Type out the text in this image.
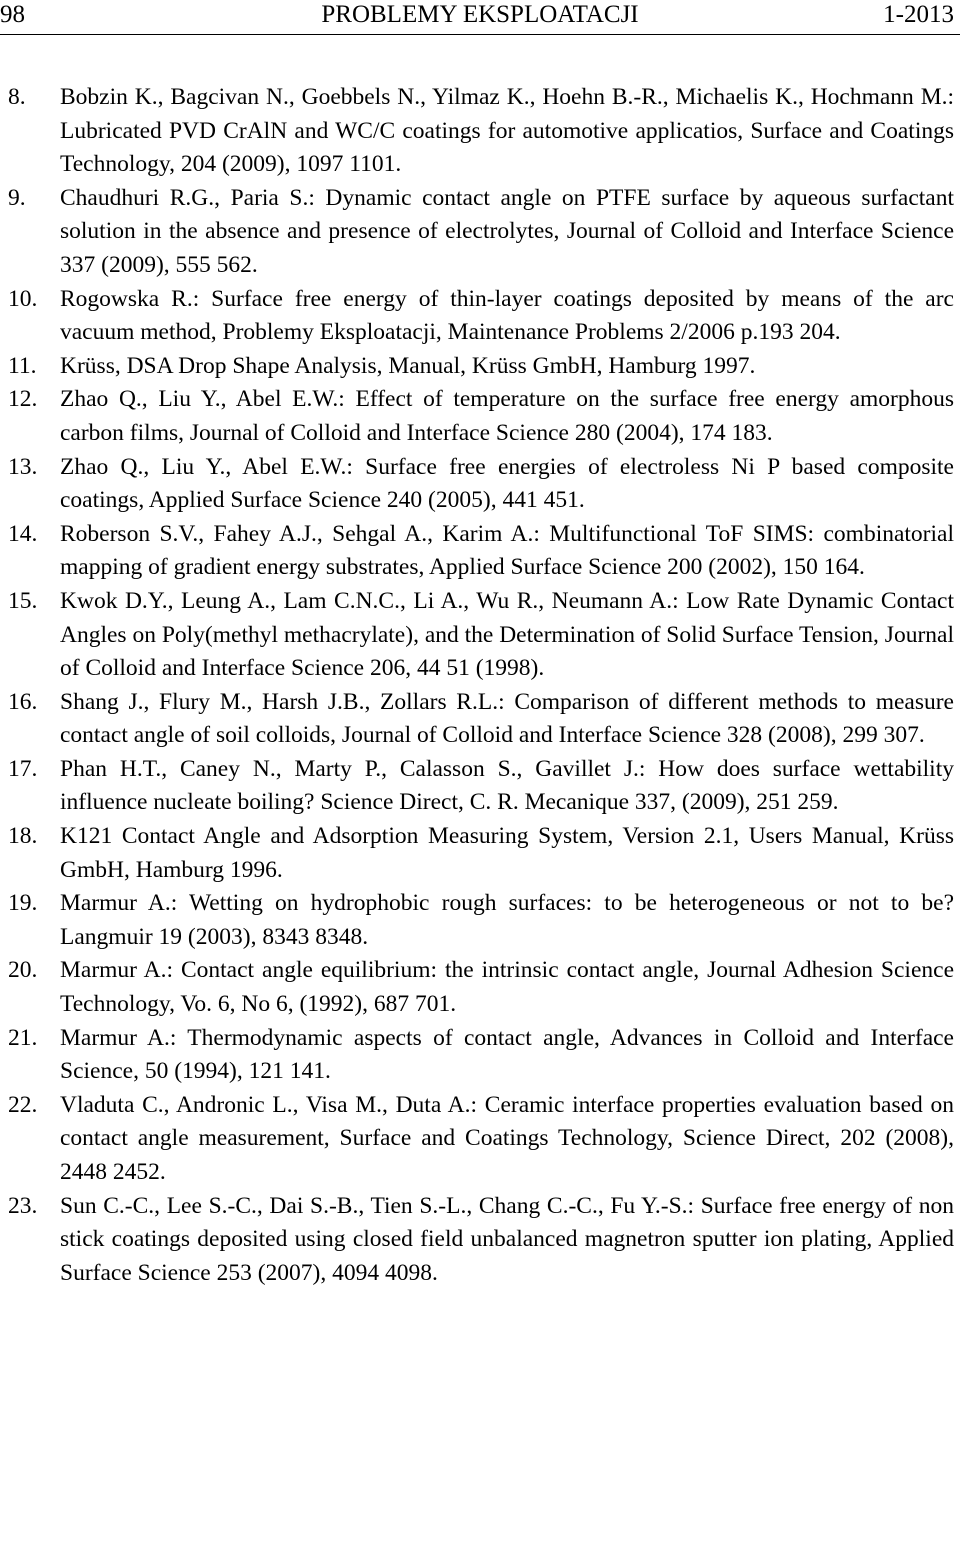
98	PROBLEMY EKSPLOATACJI	1-2013
8. Bobzin K., Bagcivan N., Goebbels N., Yilmaz K., Hoehn B.-R., Michaelis K., Hochmann M.: Lubricated PVD CrAlN and WC/C coatings for automotive applicatios, Surface and Coatings Technology, 204 (2009), 1097 1101.
9. Chaudhuri R.G., Paria S.: Dynamic contact angle on PTFE surface by aqueous surfactant solution in the absence and presence of electrolytes, Journal of Colloid and Interface Science 337 (2009), 555 562.
10. Rogowska R.: Surface free energy of thin-layer coatings deposited by means of the arc vacuum method, Problemy Eksploatacji, Maintenance Problems 2/2006 p.193 204.
11. Krüss, DSA Drop Shape Analysis, Manual, Krüss GmbH, Hamburg 1997.
12. Zhao Q., Liu Y., Abel E.W.: Effect of temperature on the surface free energy amorphous carbon films, Journal of Colloid and Interface Science 280 (2004), 174 183.
13. Zhao Q., Liu Y., Abel E.W.: Surface free energies of electroless Ni P based composite coatings, Applied Surface Science 240 (2005), 441 451.
14. Roberson S.V., Fahey A.J., Sehgal A., Karim A.: Multifunctional ToF SIMS: combinatorial mapping of gradient energy substrates, Applied Surface Science 200 (2002), 150 164.
15. Kwok D.Y., Leung A., Lam C.N.C., Li A., Wu R., Neumann A.: Low Rate Dynamic Contact Angles on Poly(methyl methacrylate), and the Determination of Solid Surface Tension, Journal of Colloid and Interface Science 206, 44 51 (1998).
16. Shang J., Flury M., Harsh J.B., Zollars R.L.: Comparison of different methods to measure contact angle of soil colloids, Journal of Colloid and Interface Science 328 (2008), 299 307.
17. Phan H.T., Caney N., Marty P., Calasson S., Gavillet J.: How does surface wettability influence nucleate boiling? Science Direct, C. R. Mecanique 337, (2009), 251 259.
18. K121 Contact Angle and Adsorption Measuring System, Version 2.1, Users Manual, Krüss GmbH, Hamburg 1996.
19. Marmur A.: Wetting on hydrophobic rough surfaces: to be heterogeneous or not to be? Langmuir 19 (2003), 8343 8348.
20. Marmur A.: Contact angle equilibrium: the intrinsic contact angle, Journal Adhesion Science Technology, Vo. 6, No 6, (1992), 687 701.
21. Marmur A.: Thermodynamic aspects of contact angle, Advances in Colloid and Interface Science, 50 (1994), 121 141.
22. Vladuta C., Andronic L., Visa M., Duta A.: Ceramic interface properties evaluation based on contact angle measurement, Surface and Coatings Technology, Science Direct, 202 (2008), 2448 2452.
23. Sun C.-C., Lee S.-C., Dai S.-B., Tien S.-L., Chang C.-C., Fu Y.-S.: Surface free energy of non stick coatings deposited using closed field unbalanced magnetron sputter ion plating, Applied Surface Science 253 (2007), 4094 4098.
